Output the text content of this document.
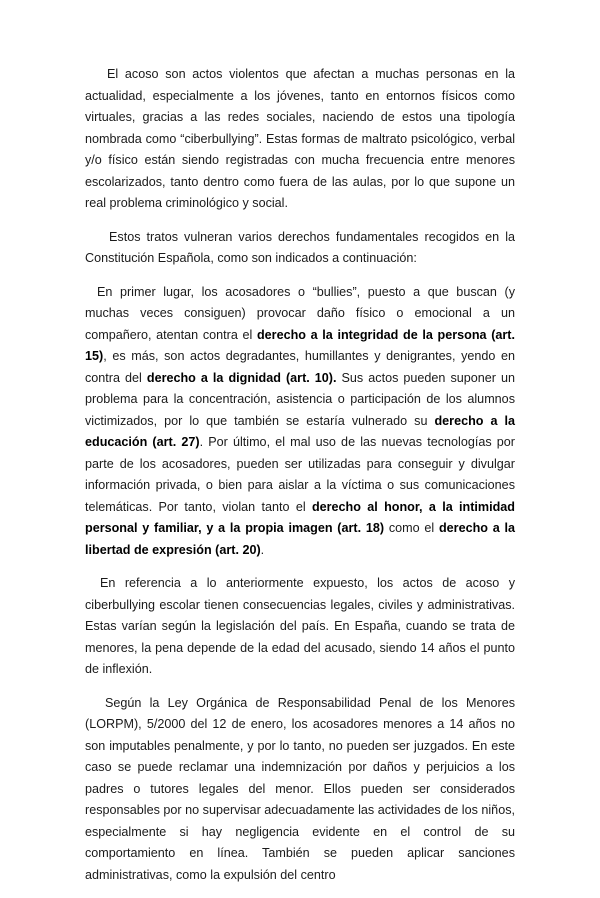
El acoso son actos violentos que afectan a muchas personas en la actualidad, especialmente a los jóvenes, tanto en entornos físicos como virtuales, gracias a las redes sociales, naciendo de estos una tipología nombrada como “ciberbullying”. Estas formas de maltrato psicológico, verbal y/o físico están siendo registradas con mucha frecuencia entre menores escolarizados, tanto dentro como fuera de las aulas, por lo que supone un real problema criminológico y social.

Estos tratos vulneran varios derechos fundamentales recogidos en la Constitución Española, como son indicados a continuación:

En primer lugar, los acosadores o “bullies”, puesto a que buscan (y muchas veces consiguen) provocar daño físico o emocional a un compañero, atentan contra el derecho a la integridad de la persona (art. 15), es más, son actos degradantes, humillantes y denigrantes, yendo en contra del derecho a la dignidad (art. 10). Sus actos pueden suponer un problema para la concentración, asistencia o participación de los alumnos victimizados, por lo que también se estaría vulnerado su derecho a la educación (art. 27). Por último, el mal uso de las nuevas tecnologías por parte de los acosadores, pueden ser utilizadas para conseguir y divulgar información privada, o bien para aislar a la víctima o sus comunicaciones telemáticas. Por tanto, violan tanto el derecho al honor, a la intimidad personal y familiar, y a la propia imagen (art. 18) como el derecho a la libertad de expresión (art. 20).

En referencia a lo anteriormente expuesto, los actos de acoso y ciberbullying escolar tienen consecuencias legales, civiles y administrativas. Estas varían según la legislación del país. En España, cuando se trata de menores, la pena depende de la edad del acusado, siendo 14 años el punto de inflexión.

Según la Ley Orgánica de Responsabilidad Penal de los Menores (LORPM), 5/2000 del 12 de enero, los acosadores menores a 14 años no son imputables penalmente, y por lo tanto, no pueden ser juzgados. En este caso se puede reclamar una indemnización por daños y perjuicios a los padres o tutores legales del menor. Ellos pueden ser considerados responsables por no supervisar adecuadamente las actividades de los niños, especialmente si hay negligencia evidente en el control de su comportamiento en línea. También se pueden aplicar sanciones administrativas, como la expulsión del centro
